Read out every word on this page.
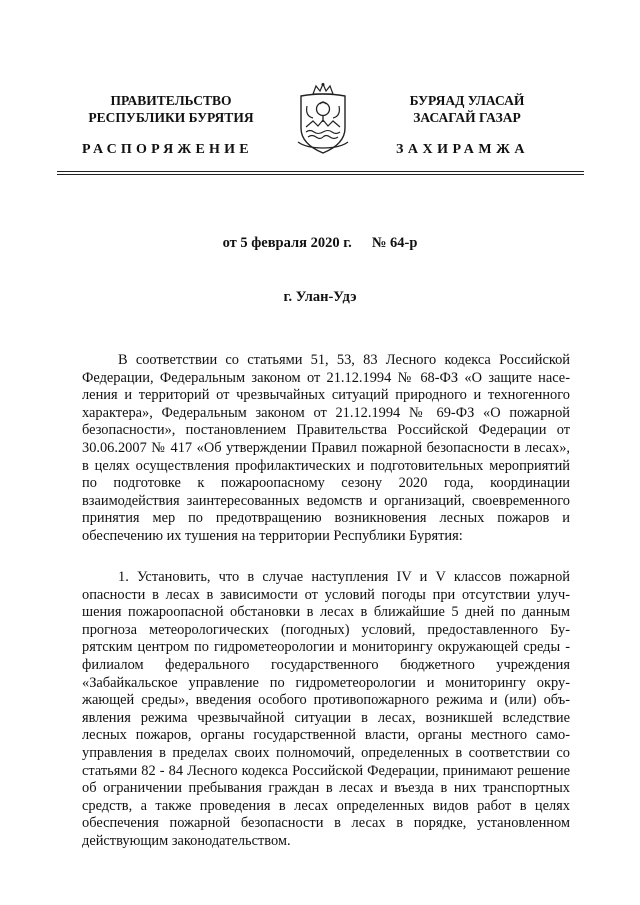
ПРАВИТЕЛЬСТВО
РЕСПУБЛИКИ БУРЯТИЯ
БУРЯАД УЛАСАЙ
ЗАСАГАЙ ГАЗАР
РАСПОРЯЖЕНИЕ	ЗАХИРАМЖА
от 5 февраля 2020 г. № 64-р
г. Улан-Удэ
В соответствии со статьями 51, 53, 83 Лесного кодекса Российской Федерации, Федеральным законом от 21.12.1994 № 68-ФЗ «О защите населения и территорий от чрезвычайных ситуаций природного и техногенного характера», Федеральным законом от 21.12.1994 № 69-ФЗ «О пожарной безопасности», постановлением Правительства Российской Федерации от 30.06.2007 № 417 «Об утверждении Правил пожарной безопасности в лесах», в целях осуществления профилактических и подготовительных мероприятий по подготовке к пожароопасному сезону 2020 года, координации взаимодействия заинтересованных ведомств и организаций, своевременного принятия мер по предотвращению возникновения лесных пожаров и обеспечению их тушения на территории Республики Бурятия:
1. Установить, что в случае наступления IV и V классов пожарной опасности в лесах в зависимости от условий погоды при отсутствии улучшения пожароопасной обстановки в лесах в ближайшие 5 дней по данным прогноза метеорологических (погодных) условий, предоставленного Бурятским центром по гидрометеорологии и мониторингу окружающей среды - филиалом федерального государственного бюджетного учреждения «Забайкальское управление по гидрометеорологии и мониторингу окружающей среды», введения особого противопожарного режима и (или) объявления режима чрезвычайной ситуации в лесах, возникшей вследствие лесных пожаров, органы государственной власти, органы местного самоуправления в пределах своих полномочий, определенных в соответствии со статьями 82 - 84 Лесного кодекса Российской Федерации, принимают решение об ограничении пребывания граждан в лесах и въезда в них транспортных средств, а также проведения в лесах определенных видов работ в целях обеспечения пожарной безопасности в лесах в порядке, установленном действующим законодательством.
